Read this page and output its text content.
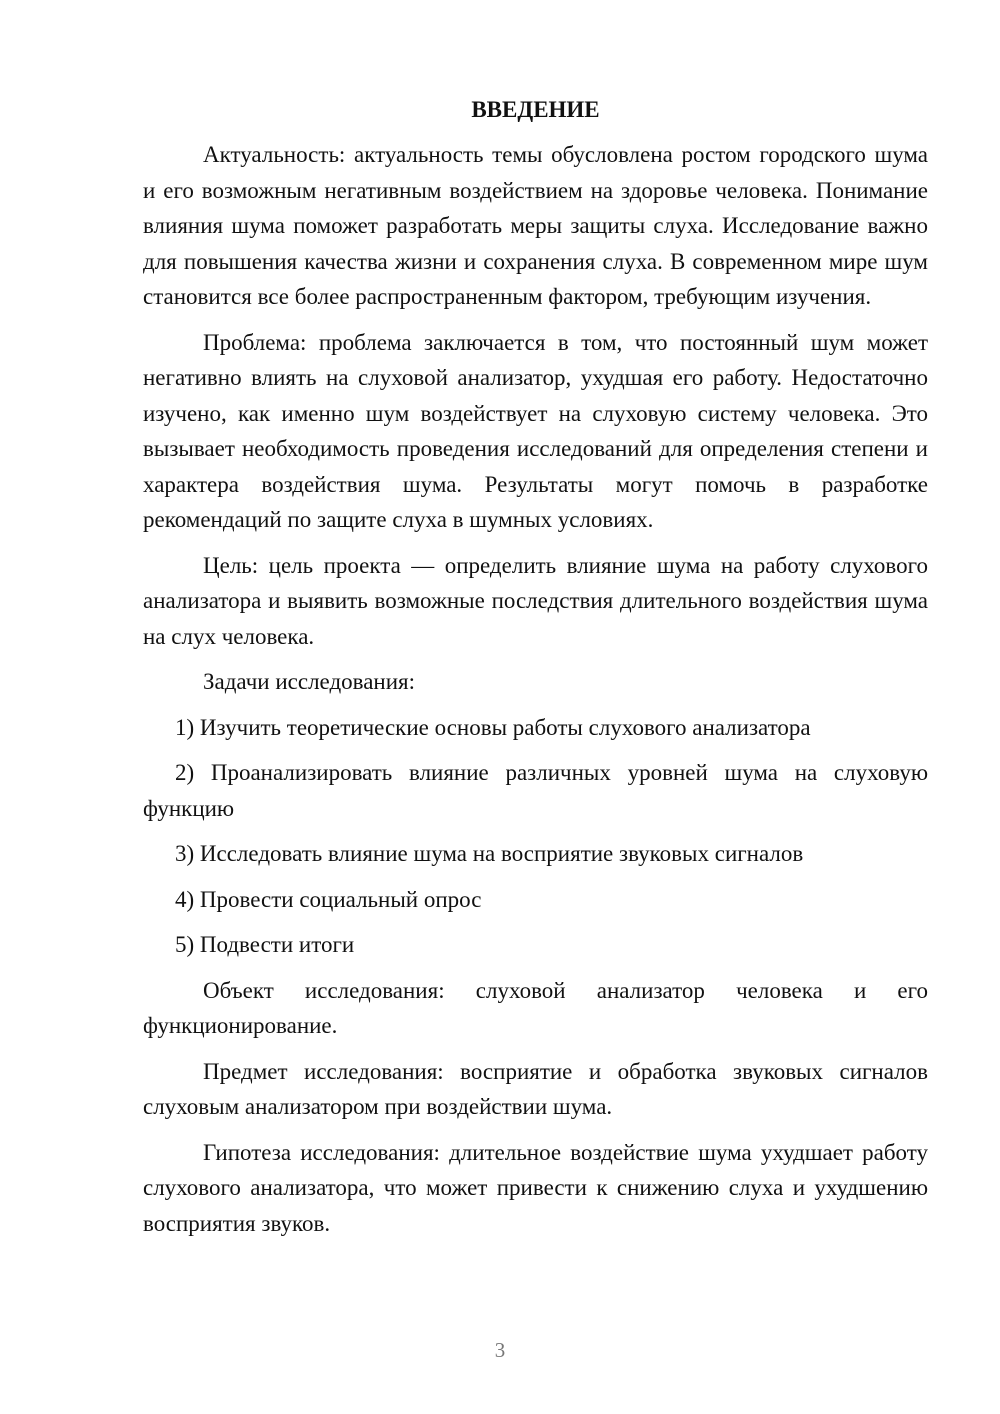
ВВЕДЕНИЕ

Актуальность: актуальность темы обусловлена ростом городского шума и его возможным негативным воздействием на здоровье человека. Понимание влияния шума поможет разработать меры защиты слуха. Исследование важно для повышения качества жизни и сохранения слуха. В современном мире шум становится все более распространенным фактором, требующим изучения.

Проблема: проблема заключается в том, что постоянный шум может негативно влиять на слуховой анализатор, ухудшая его работу. Недостаточно изучено, как именно шум воздействует на слуховую систему человека. Это вызывает необходимость проведения исследований для определения степени и характера воздействия шума. Результаты могут помочь в разработке рекомендаций по защите слуха в шумных условиях.

Цель: цель проекта — определить влияние шума на работу слухового анализатора и выявить возможные последствия длительного воздействия шума на слух человека.

Задачи исследования:

1) Изучить теоретические основы работы слухового анализатора

2) Проанализировать влияние различных уровней шума на слуховую функцию

3) Исследовать влияние шума на восприятие звуковых сигналов

4) Провести социальный опрос

5) Подвести итоги

Объект исследования: слуховой анализатор человека и его функционирование.

Предмет исследования: восприятие и обработка звуковых сигналов слуховым анализатором при воздействии шума.

Гипотеза исследования: длительное воздействие шума ухудшает работу слухового анализатора, что может привести к снижению слуха и ухудшению восприятия звуков.

3
